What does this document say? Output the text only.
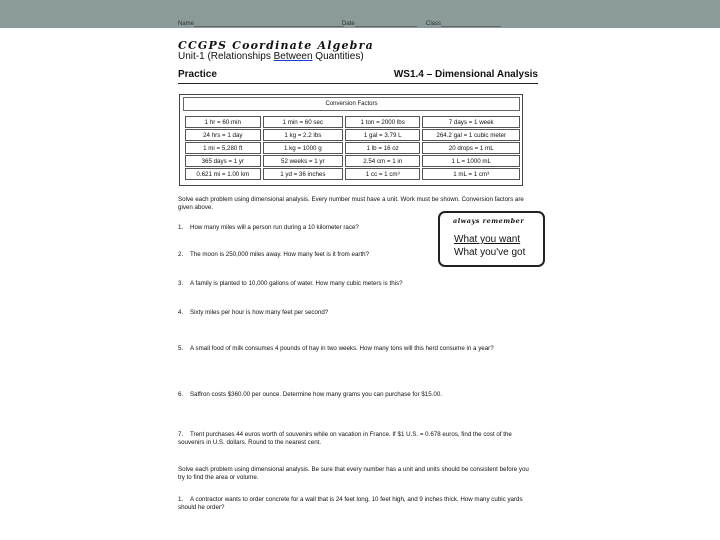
Name	Date	Class
CCGPS Coordinate Algebra
Unit-1 (Relationships Between Quantities)
Practice	WS1.4 – Dimensional Analysis
Conversion Factors
1 hr = 60 min	1 min = 60 sec	1 ton = 2000 lbs	7 days = 1 week
24 hrs = 1 day	1 kg = 2.2 lbs	1 gal = 3.79 L	264.2 gal = 1 cubic meter
1 mi = 5,280 ft	1 kg = 1000 g	1 lb = 16 oz	20 drops = 1 mL
365 days = 1 yr	52 weeks = 1 yr	2.54 cm = 1 in	1 L = 1000 mL
0.621 mi = 1.00 km	1 yd = 36 inches	1 cc = 1 cm³	1 mL = 1 cm³
Solve each problem using dimensional analysis. Every number must have a unit. Work must be shown. Conversion factors are given above.
always remember
What you want
What you've got
1. How many miles will a person run during a 10 kilometer race?
2. The moon is 250,000 miles away. How many feet is it from earth?
3. A family is planted to 10,000 gallons of water. How many cubic meters is this?
4. Sixty miles per hour is how many feet per second?
5. A small food of milk consumes 4 pounds of hay in two weeks. How many tons will this herd consume in a year?
6. Saffron costs $360.00 per ounce. Determine how many grams you can purchase for $15.00.
7. Trent purchases 44 euros worth of souvenirs while on vacation in France. If $1 U.S. = 0.678 euros, find the cost of the souvenirs in U.S. dollars. Round to the nearest cent.
Solve each problem using dimensional analysis. Be sure that every number has a unit and units should be consistent before you try to find the area or volume.
1. A contractor wants to order concrete for a wall that is 24 feet long, 10 feet high, and 9 inches thick. How many cubic yards should he order?
